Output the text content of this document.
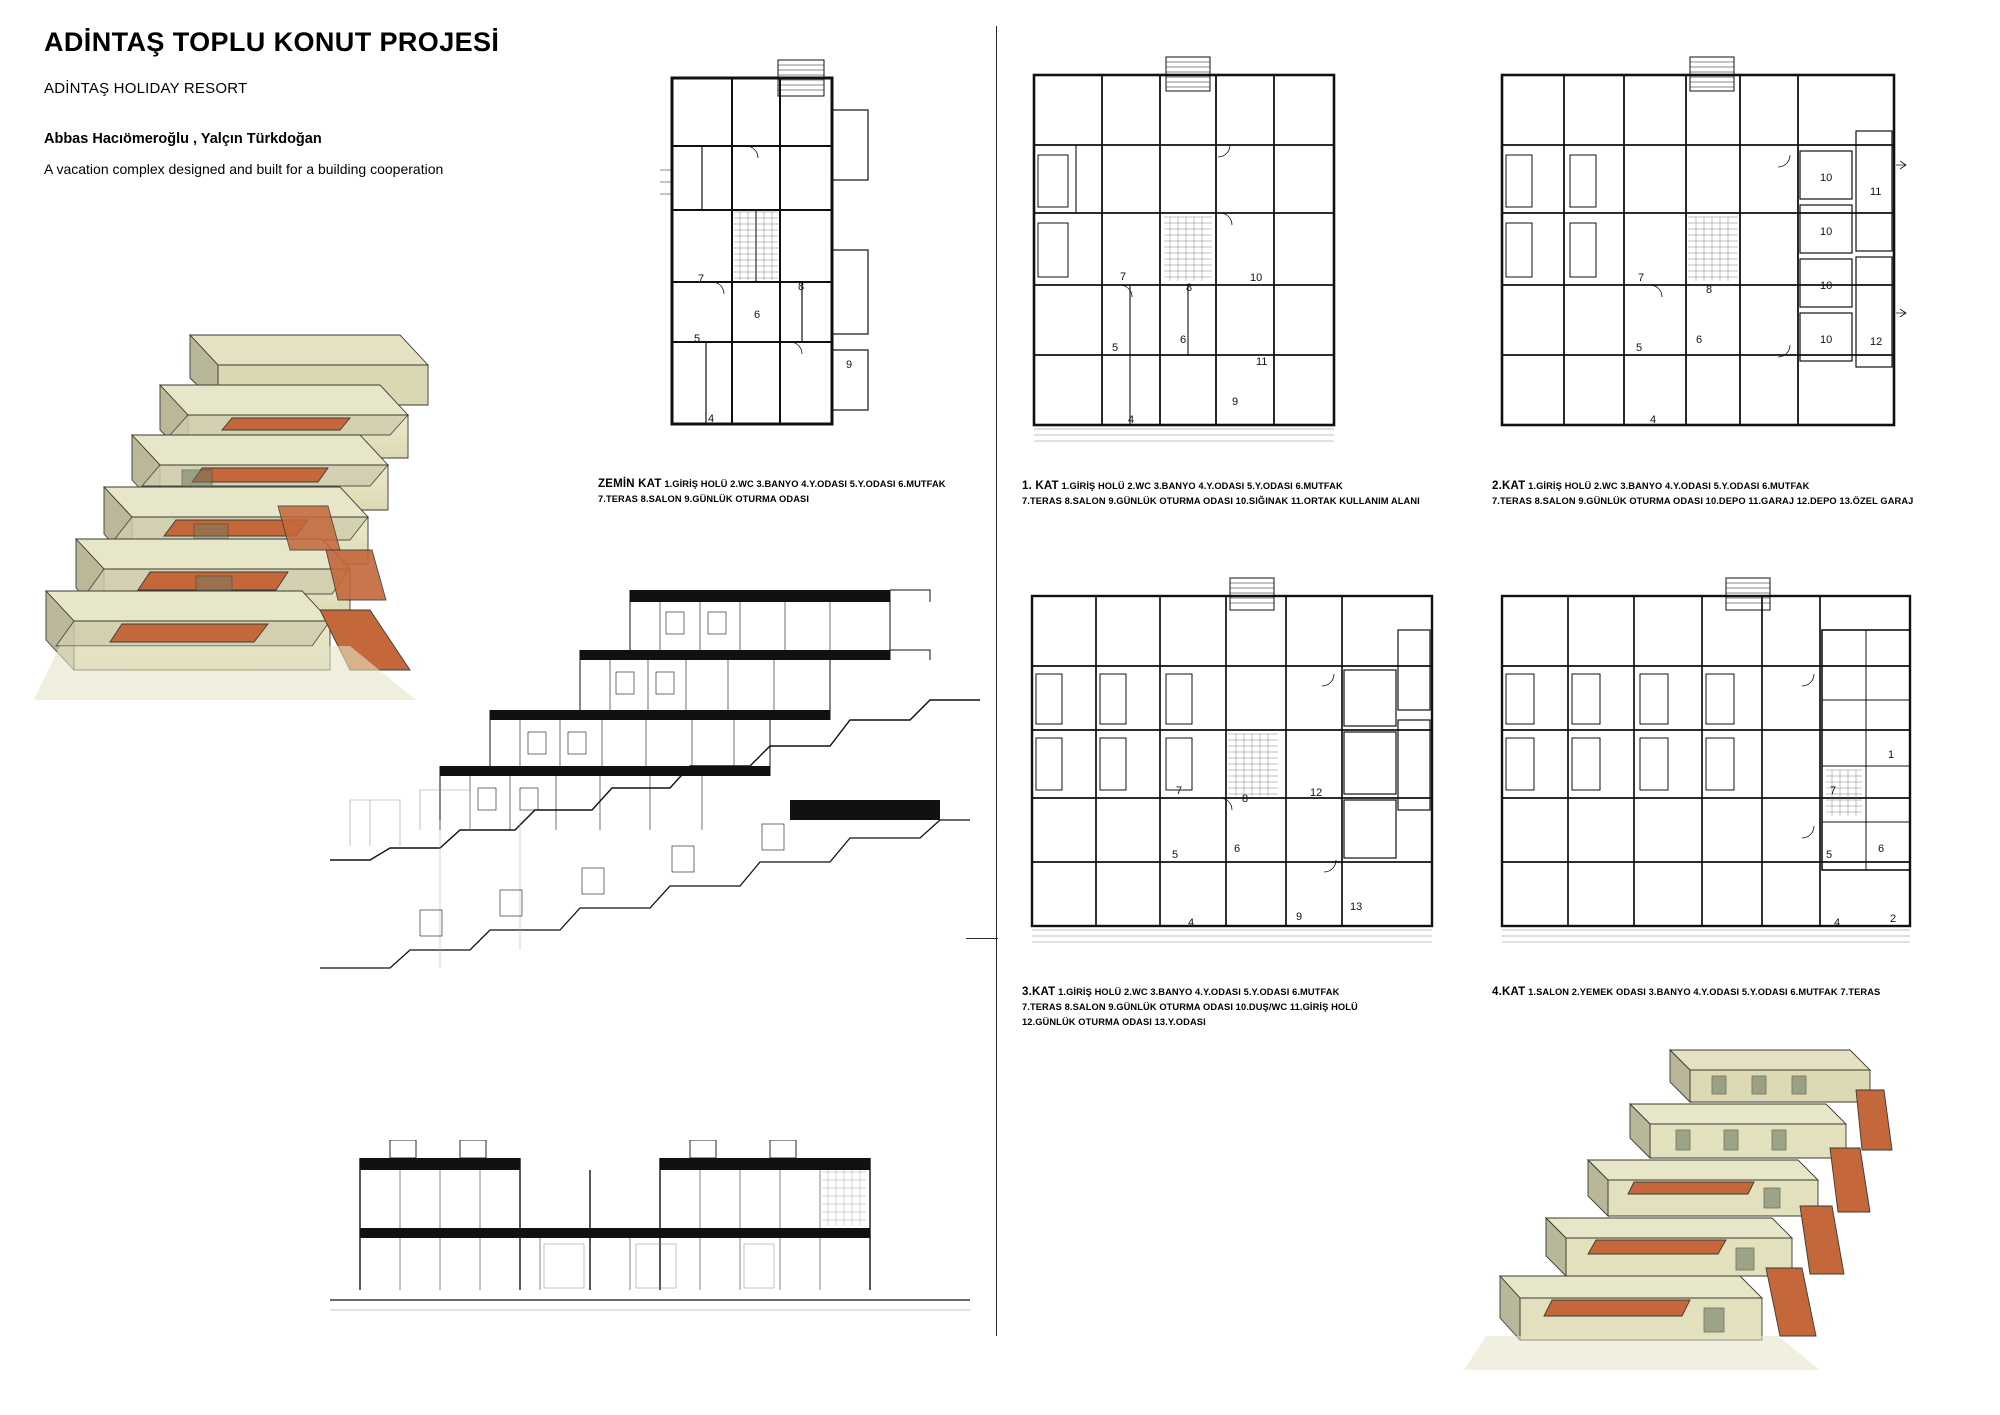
ADİNTAŞ TOPLU KONUT PROJESİ
ADİNTAŞ HOLIDAY RESORT

Abbas Hacıömeroğlu , Yalçın Türkdoğan

A vacation complex designed and built for a building cooperation

4
5
6
7
8
9
ZEMİN KAT 1.GİRİŞ HOLÜ 2.WC 3.BANYO 4.Y.ODASI 5.Y.ODASI 6.MUTFAK
7.TERAS 8.SALON 9.GÜNLÜK OTURMA ODASI
4
5
6
7
8
9
10
11
1. KAT 1.GİRİŞ HOLÜ 2.WC 3.BANYO 4.Y.ODASI 5.Y.ODASI 6.MUTFAK
7.TERAS 8.SALON 9.GÜNLÜK OTURMA ODASI 10.SIĞINAK 11.ORTAK KULLANIM ALANI
4
5
6
7
8
10
10
10
10
11
12
2.KAT 1.GİRİŞ HOLÜ 2.WC 3.BANYO 4.Y.ODASI 5.Y.ODASI 6.MUTFAK
7.TERAS 8.SALON 9.GÜNLÜK OTURMA ODASI 10.DEPO 11.GARAJ 12.DEPO 13.ÖZEL GARAJ
4
5	6
7
8
9
12
13
3.KAT 1.GİRİŞ HOLÜ 2.WC 3.BANYO 4.Y.ODASI 5.Y.ODASI 6.MUTFAK
7.TERAS 8.SALON 9.GÜNLÜK OTURMA ODASI 10.DUŞ/WC 11.GİRİŞ HOLÜ
12.GÜNLÜK OTURMA ODASI 13.Y.ODASI
4
5	6
7
1
2
4.KAT 1.SALON 2.YEMEK ODASI 3.BANYO 4.Y.ODASI 5.Y.ODASI 6.MUTFAK 7.TERAS
